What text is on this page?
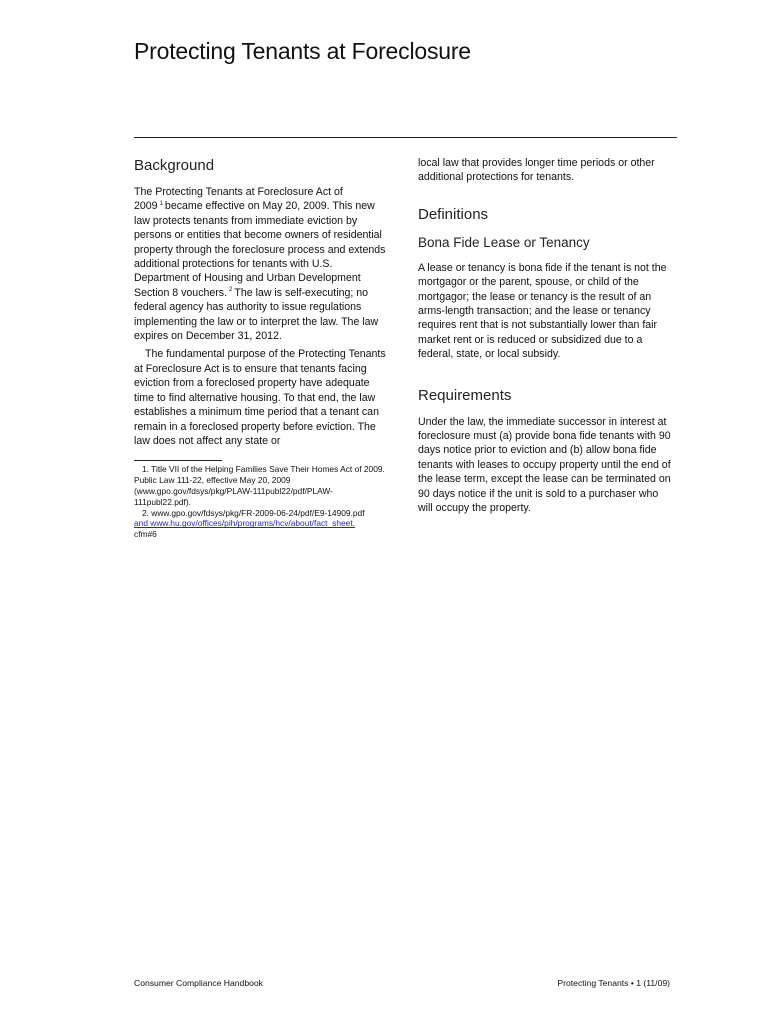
Protecting Tenants at Foreclosure
Background

The Protecting Tenants at Foreclosure Act of 2009 $^1$ became effective on May 20, 2009. This new law protects tenants from immediate eviction by persons or entities that become owners of residential property through the foreclosure process and extends additional protections for tenants with U.S. Department of Housing and Urban Development Section 8 vouchers. $^2$ The law is self-executing; no federal agency has authority to issue regulations implementing the law or to interpret the law. The law expires on December 31, 2012.

The fundamental purpose of the Protecting Tenants at Foreclosure Act is to ensure that tenants facing eviction from a foreclosed property have adequate time to find alternative housing. To that end, the law establishes a minimum time period that a tenant can remain in a foreclosed property before eviction. The law does not affect any state or

1. Title VII of the Helping Families Save Their Homes Act of 2009. Public Law 111-22, effective May 20, 2009 (www.gpo.gov/fdsys/pkg/PLAW-111publ22/pdf/PLAW-111publ22.pdf).

2. www.gpo.gov/fdsys/pkg/FR-2009-06-24/pdf/E9-14909.pdf

and www.hu.gov/offices/pih/programs/hcv/about/fact_sheet.

cfm#6

local law that provides longer time periods or other additional protections for tenants.

Definitions
Bona Fide Lease or Tenancy

A lease or tenancy is bona fide if the tenant is not the mortgagor or the parent, spouse, or child of the mortgagor; the lease or tenancy is the result of an arms-length transaction; and the lease or tenancy requires rent that is not substantially lower than fair market rent or is reduced or subsidized due to a federal, state, or local subsidy.

Requirements

Under the law, the immediate successor in interest at foreclosure must (a) provide bona fide tenants with 90 days notice prior to eviction and (b) allow bona fide tenants with leases to occupy property until the end of the lease term, except the lease can be terminated on 90 days notice if the unit is sold to a purchaser who will occupy the property.

Consumer Compliance Handbook	Protecting Tenants • 1 (11/09)
